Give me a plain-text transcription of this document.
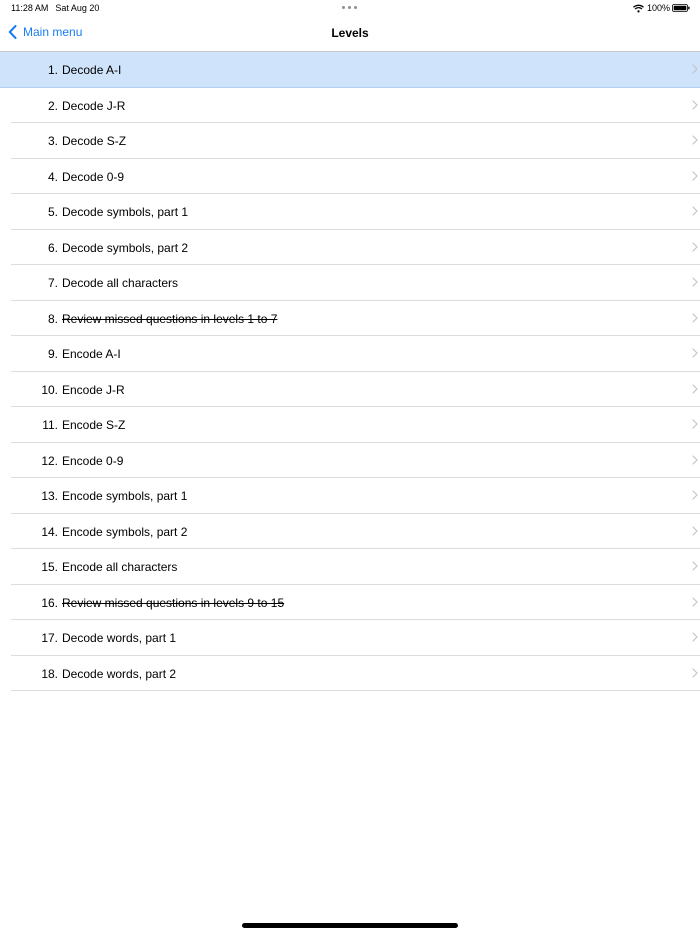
11:28 AM Sat Aug 20	100%
Main menu	Levels
1. Decode A-I
2. Decode J-R
3. Decode S-Z
4. Decode 0-9
5. Decode symbols, part 1
6. Decode symbols, part 2
7. Decode all characters
8. Review missed questions in levels 1 to 7
9. Encode A-I
10. Encode J-R
11. Encode S-Z
12. Encode 0-9
13. Encode symbols, part 1
14. Encode symbols, part 2
15. Encode all characters
16. Review missed questions in levels 9 to 15
17. Decode words, part 1
18. Decode words, part 2
